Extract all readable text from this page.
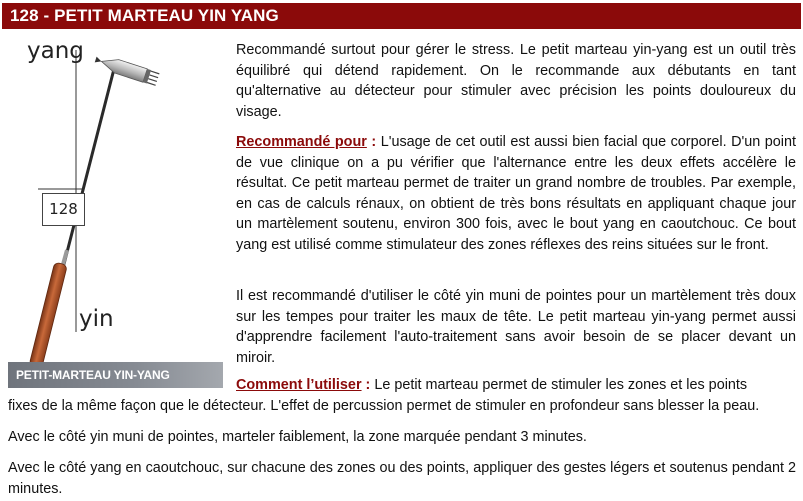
128 - PETIT MARTEAU YIN YANG
yang
yin
128
PETIT-MARTEAU YIN-YANG

Recommandé surtout pour gérer le stress. Le petit marteau yin-yang est un outil très équilibré qui détend rapidement. On le recommande aux débutants en tant qu'alternative au détecteur pour stimuler avec précision les points douloureux du visage.

Recommandé pour : L'usage de cet outil est aussi bien facial que corporel. D'un point de vue clinique on a pu vérifier que l'alternance entre les deux effets accélère le résultat. Ce petit marteau permet de traiter un grand nombre de troubles. Par exemple, en cas de calculs rénaux, on obtient de très bons résultats en appliquant chaque jour un martèlement soutenu, environ 300 fois, avec le bout yang en caoutchouc. Ce bout yang est utilisé comme stimulateur des zones réflexes des reins situées sur le front.

Il est recommandé d'utiliser le côté yin muni de pointes pour un martèlement très doux sur les tempes pour traiter les maux de tête. Le petit marteau yin-yang permet aussi d'apprendre facilement l'auto-traitement sans avoir besoin de se placer devant un miroir.

Comment l’utiliser : Le petit marteau permet de stimuler les zones et les points

fixes de la même façon que le détecteur. L'effet de percussion permet de stimuler en profondeur sans blesser la peau.

Avec le côté yin muni de pointes, marteler faiblement, la zone marquée pendant 3 minutes.

Avec le côté yang en caoutchouc, sur chacune des zones ou des points, appliquer des gestes légers et soutenus pendant 2 minutes.
